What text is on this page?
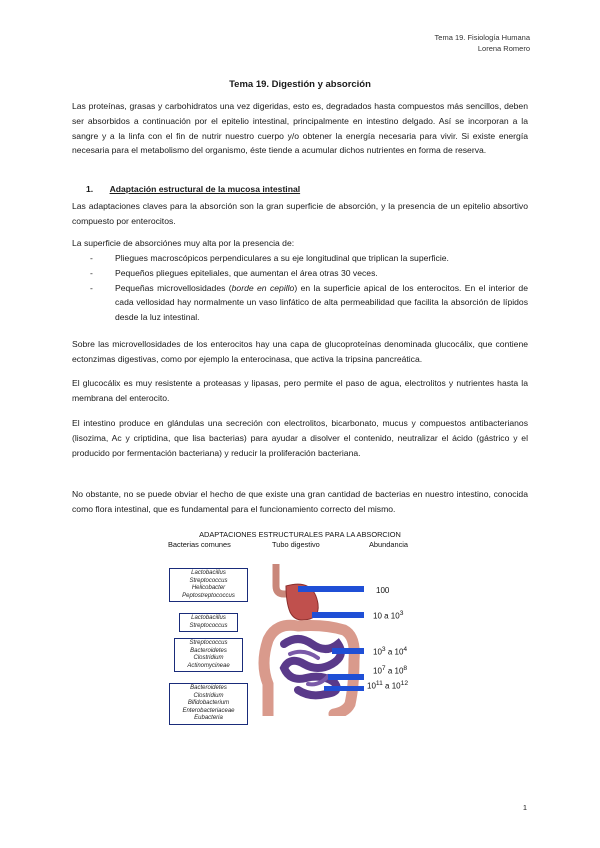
Tema 19. Fisiología Humana
Lorena Romero
Tema 19. Digestión y absorción

Las proteínas, grasas y carbohidratos una vez digeridas, esto es, degradados hasta compuestos más sencillos, deben ser absorbidos a continuación por el epitelio intestinal, principalmente en intestino delgado. Así se incorporan a la sangre y a la linfa con el fin de nutrir nuestro cuerpo y/o obtener la energía necesaria para vivir. Si existe energía necesaria para el metabolismo del organismo, éste tiende a acumular dichos nutrientes en forma de reserva.

1. Adaptación estructural de la mucosa intestinal

Las adaptaciones claves para la absorción son la gran superficie de absorción, y la presencia de un epitelio absortivo compuesto por enterocitos.

La superficie de absorciónes muy alta por la presencia de:

- Pliegues macroscópicos perpendiculares a su eje longitudinal que triplican la superficie.
- Pequeños pliegues epiteliales, que aumentan el área otras 30 veces.
- Pequeñas microvellosidades (borde en cepillo) en la superficie apical de los enterocitos. En el interior de cada vellosidad hay normalmente un vaso linfático de alta permeabilidad que facilita la absorción de lípidos desde la luz intestinal.

Sobre las microvellosidades de los enterocitos hay una capa de glucoproteínas denominada glucocálix, que contiene ectonzimas digestivas, como por ejemplo la enterocinasa, que activa la tripsina pancreática.

El glucocálix es muy resistente a proteasas y lipasas, pero permite el paso de agua, electrolitos y nutrientes hasta la membrana del enterocito.

El intestino produce en glándulas una secreción con electrolitos, bicarbonato, mucus y compuestos antibacterianos (lisozima, Ac y criptidina, que lisa bacterias) para ayudar a disolver el contenido, neutralizar el ácido (gástrico y el producido por fermentación bacteriana) y reducir la proliferación bacteriana.

No obstante, no se puede obviar el hecho de que existe una gran cantidad de bacterias en nuestro intestino, conocida como flora intestinal, que es fundamental para el funcionamiento correcto del mismo.

ADAPTACIONES ESTRUCTURALES PARA LA ABSORCION
Bacterias comunes	Tubo digestivo	Abundancia
Lactobacillus
Streptococcus
Helicobacter
Peptostreptococcus
Lactobacillus
Streptococcus
Streptococcus
Bacteroidetes
Clostridium
Actinomycineae
Bacteroidetes
Clostridium
Bifidobacterium
Enterobacteriaceae
Eubacteria
100
10 a $10^3$
$10^3$ a $10^4$
$10^7$ a $10^8$
$10^{11}$ a $10^{12}$
1
